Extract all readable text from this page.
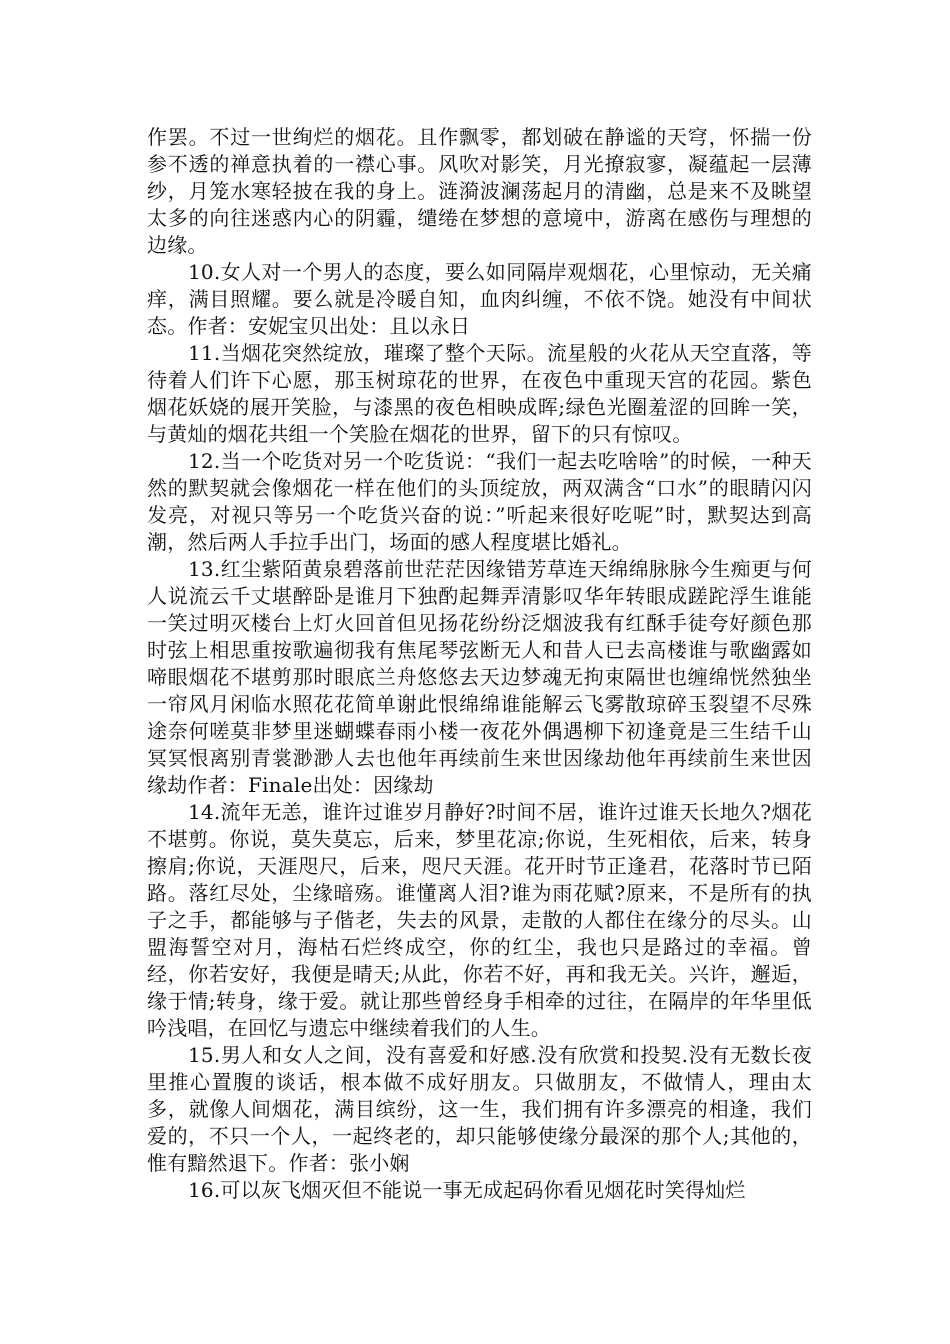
作罢。不过一世绚烂的烟花。且作飘零，都划破在静谧的天穹，怀揣一份参不透的禅意执着的一襟心事。风吹对影笑，月光撩寂寥，凝蕴起一层薄纱，月笼水寒轻披在我的身上。涟漪波澜荡起月的清幽，总是来不及眺望太多的向往迷惑内心的阴霾，缱绻在梦想的意境中，游离在感伤与理想的边缘。

10.女人对一个男人的态度，要么如同隔岸观烟花，心里惊动，无关痛痒，满目照耀。要么就是冷暖自知，血肉纠缠，不依不饶。她没有中间状态。作者：安妮宝贝出处：且以永日

11.当烟花突然绽放，璀璨了整个天际。流星般的火花从天空直落，等待着人们许下心愿，那玉树琼花的世界，在夜色中重现天宫的花园。紫色烟花妖娆的展开笑脸，与漆黑的夜色相映成晖;绿色光圈羞涩的回眸一笑，与黄灿的烟花共组一个笑脸在烟花的世界，留下的只有惊叹。

12.当一个吃货对另一个吃货说：“我们一起去吃啥啥”的时候，一种天然的默契就会像烟花一样在他们的头顶绽放，两双满含“口水”的眼睛闪闪发亮，对视只等另一个吃货兴奋的说：”听起来很好吃呢”时，默契达到高潮，然后两人手拉手出门，场面的感人程度堪比婚礼。

13.红尘紫陌黄泉碧落前世茫茫因缘错芳草连天绵绵脉脉今生痴更与何人说流云千丈堪醉卧是谁月下独酌起舞弄清影叹华年转眼成蹉跎浮生谁能一笑过明灭楼台上灯火回首但见扬花纷纷泛烟波我有红酥手徒夸好颜色那时弦上相思重按歌遍彻我有焦尾琴弦断无人和昔人已去高楼谁与歌幽露如啼眼烟花不堪剪那时眼底兰舟悠悠去天边梦魂无拘束隔世也缠绵恍然独坐一帘风月闲临水照花花简单谢此恨绵绵谁能解云飞雾散琼碎玉裂望不尽殊途奈何嗟莫非梦里迷蝴蝶春雨小楼一夜花外偶遇柳下初逢竟是三生结千山冥冥恨离别青裳渺渺人去也他年再续前生来世因缘劫他年再续前生来世因缘劫作者：Finale出处：因缘劫

14.流年无恙，谁许过谁岁月静好?时间不居，谁许过谁天长地久?烟花不堪剪。你说，莫失莫忘，后来，梦里花凉;你说，生死相依，后来，转身擦肩;你说，天涯咫尺，后来，咫尺天涯。花开时节正逢君，花落时节已陌路。落红尽处，尘缘暗殇。谁懂离人泪?谁为雨花赋?原来，不是所有的执子之手，都能够与子偕老，失去的风景，走散的人都住在缘分的尽头。山盟海誓空对月，海枯石烂终成空，你的红尘，我也只是路过的幸福。曾经，你若安好，我便是晴天;从此，你若不好，再和我无关。兴许，邂逅，缘于情;转身，缘于爱。就让那些曾经身手相牵的过往，在隔岸的年华里低吟浅唱，在回忆与遗忘中继续着我们的人生。

15.男人和女人之间，没有喜爱和好感.没有欣赏和投契.没有无数长夜里推心置腹的谈话，根本做不成好朋友。只做朋友，不做情人，理由太多，就像人间烟花，满目缤纷，这一生，我们拥有许多漂亮的相逢，我们爱的，不只一个人，一起终老的，却只能够使缘分最深的那个人;其他的，惟有黯然退下。作者：张小娴

16.可以灰飞烟灭但不能说一事无成起码你看见烟花时笑得灿烂
